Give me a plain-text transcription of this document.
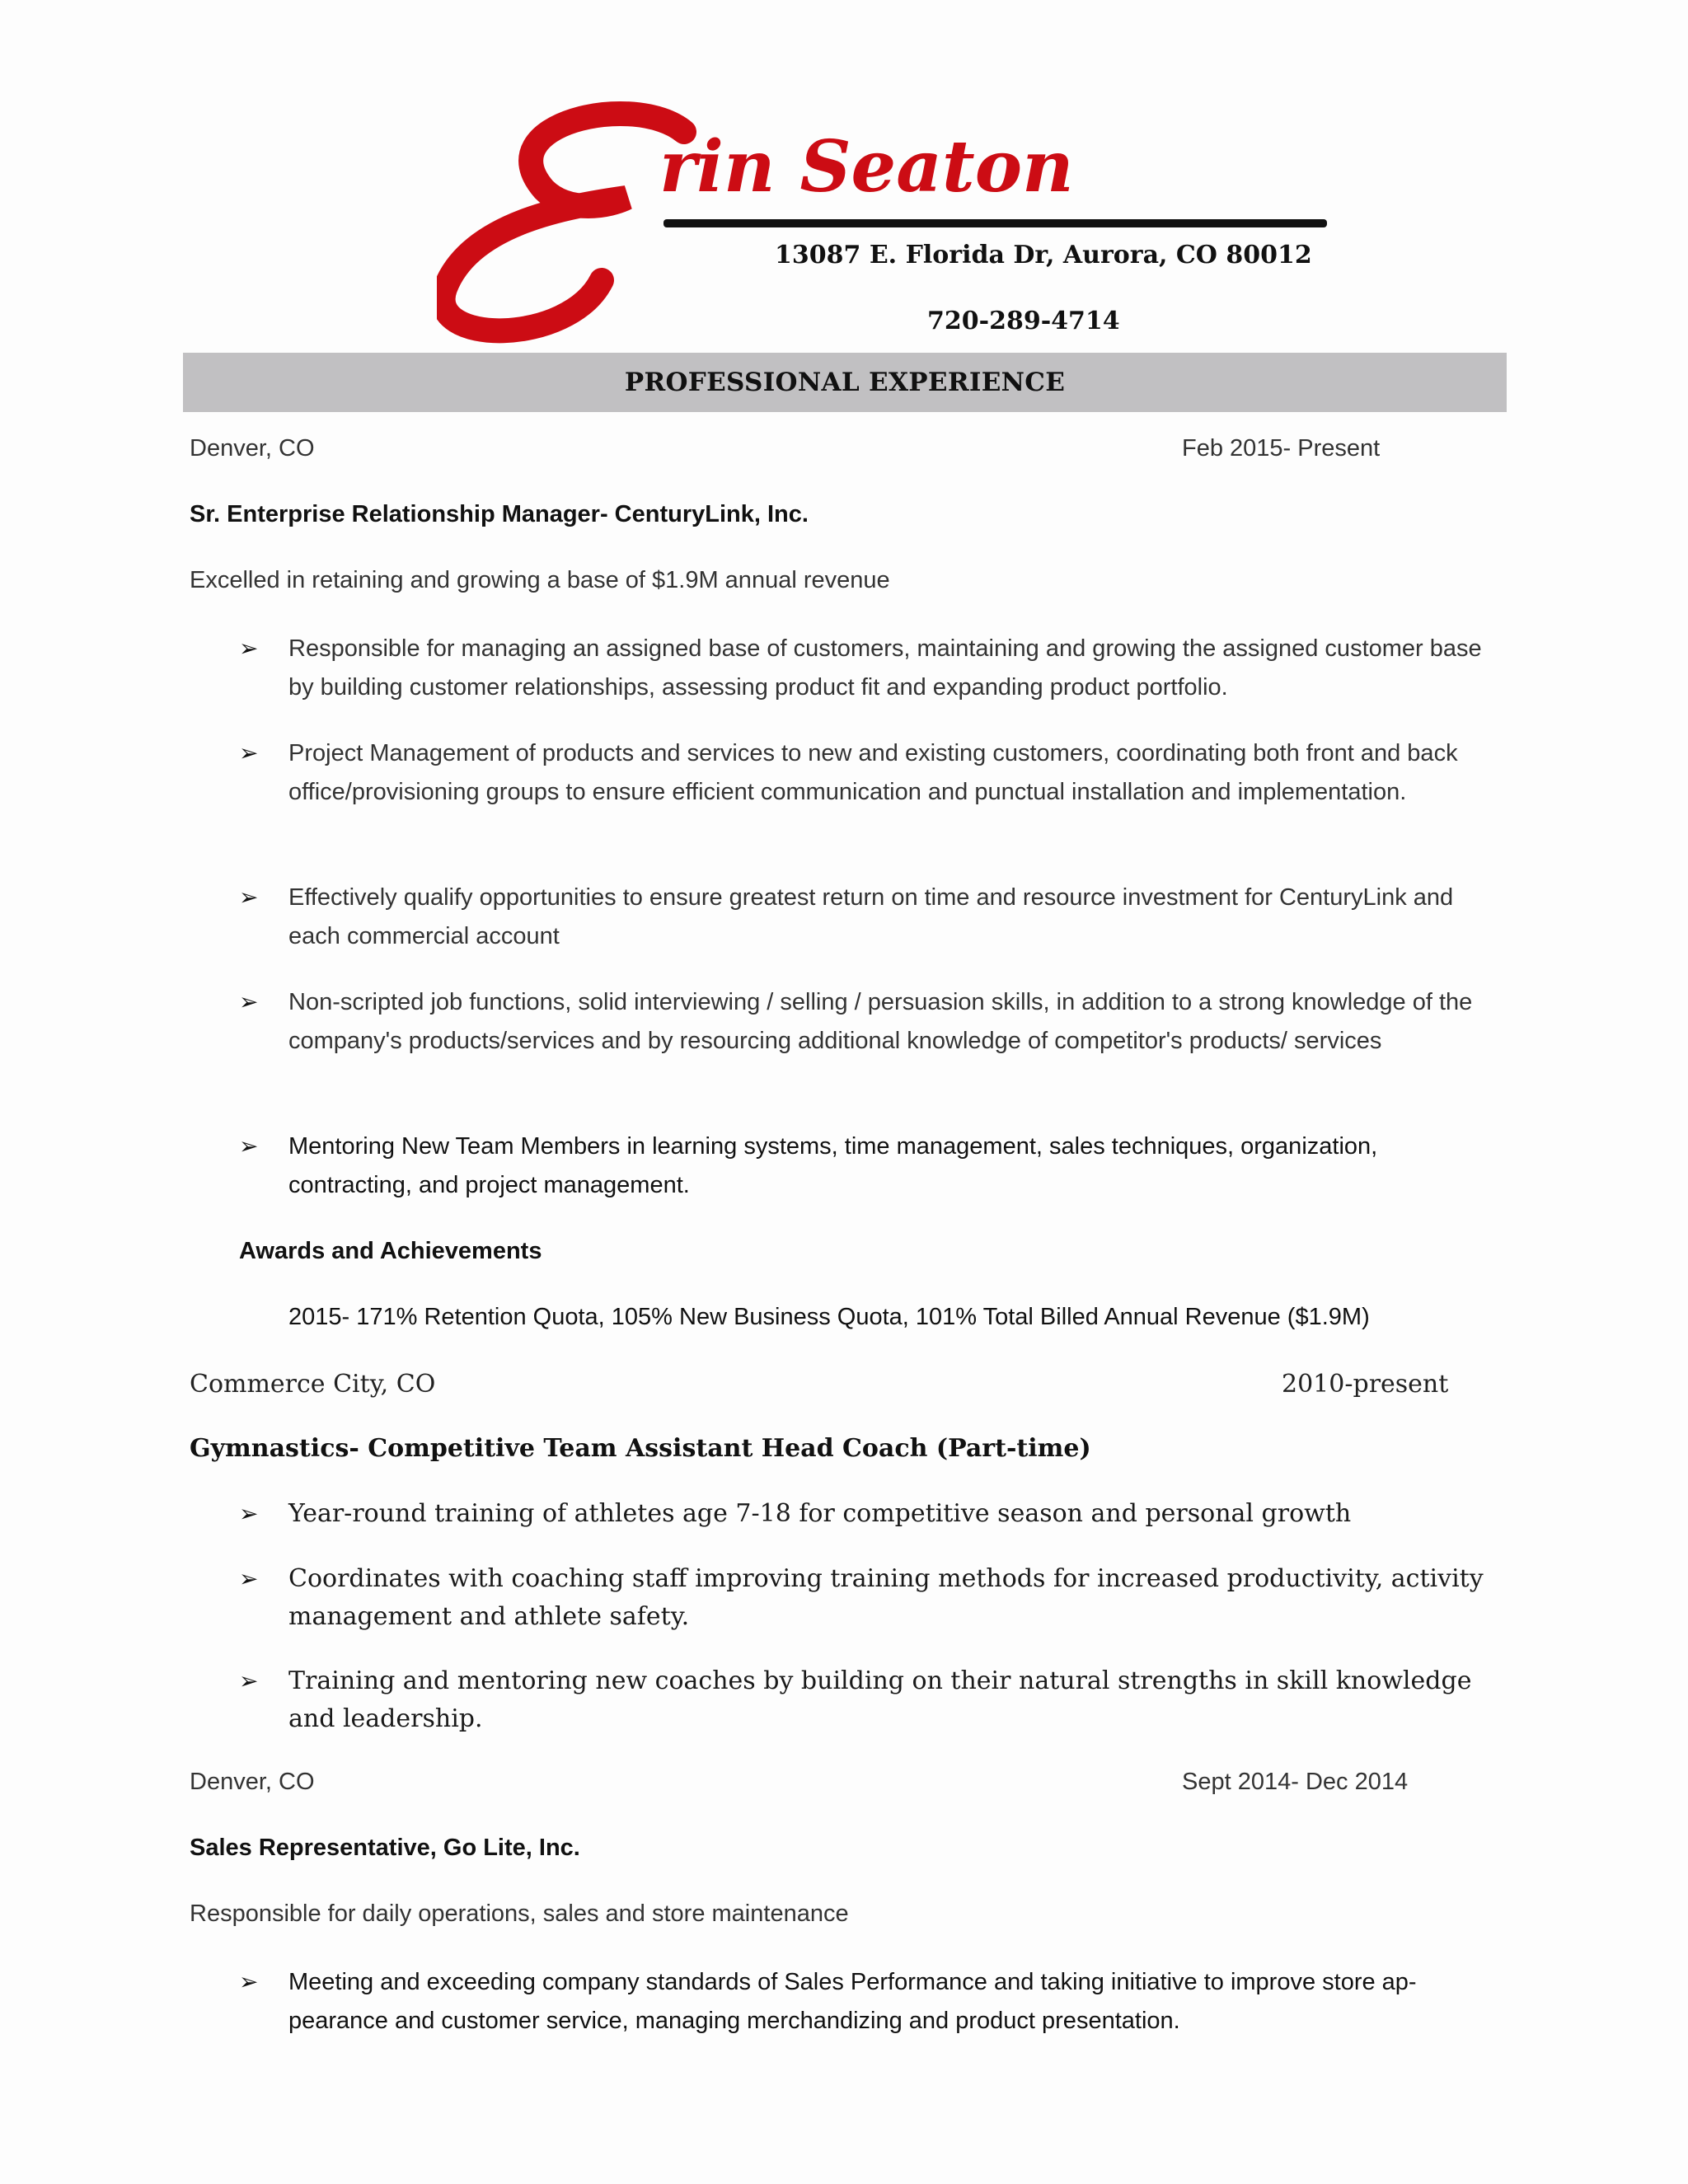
rin Seaton
13087 E. Florida Dr, Aurora, CO 80012
720-289-4714
PROFESSIONAL EXPERIENCE
Denver, CO	Feb 2015- Present
Sr. Enterprise Relationship Manager- CenturyLink, Inc.
Excelled in retaining and growing a base of $1.9M annual revenue
➢ Responsible for managing an assigned base of customers, maintaining and growing the assigned customer base by building customer relationships, assessing product fit and expanding product portfolio.
➢ Project Management of products and services to new and existing customers, coordinating both front and back office/provisioning groups to ensure efficient communication and punctual installation and implementation.
➢ Effectively qualify opportunities to ensure greatest return on time and resource investment for CenturyLink and each commercial account
➢ Non-scripted job functions, solid interviewing / selling / persuasion skills, in addition to a strong knowledge of the company's products/services and by resourcing additional knowledge of competitor's products/ services
➢ Mentoring New Team Members in learning systems, time management, sales techniques, organization, contracting, and project management.
Awards and Achievements
2015- 171% Retention Quota, 105% New Business Quota, 101% Total Billed Annual Revenue ($1.9M)
Commerce City, CO	2010-present
Gymnastics- Competitive Team Assistant Head Coach (Part-time)
➢ Year-round training of athletes age 7-18 for competitive season and personal growth
➢ Coordinates with coaching staff improving training methods for increased productivity, activity management and athlete safety.
➢ Training and mentoring new coaches by building on their natural strengths in skill knowledge and leadership.
Denver, CO	Sept 2014- Dec 2014
Sales Representative, Go Lite, Inc.
Responsible for daily operations, sales and store maintenance
➢ Meeting and exceeding company standards of Sales Performance and taking initiative to improve store ap- pearance and customer service, managing merchandizing and product presentation.
